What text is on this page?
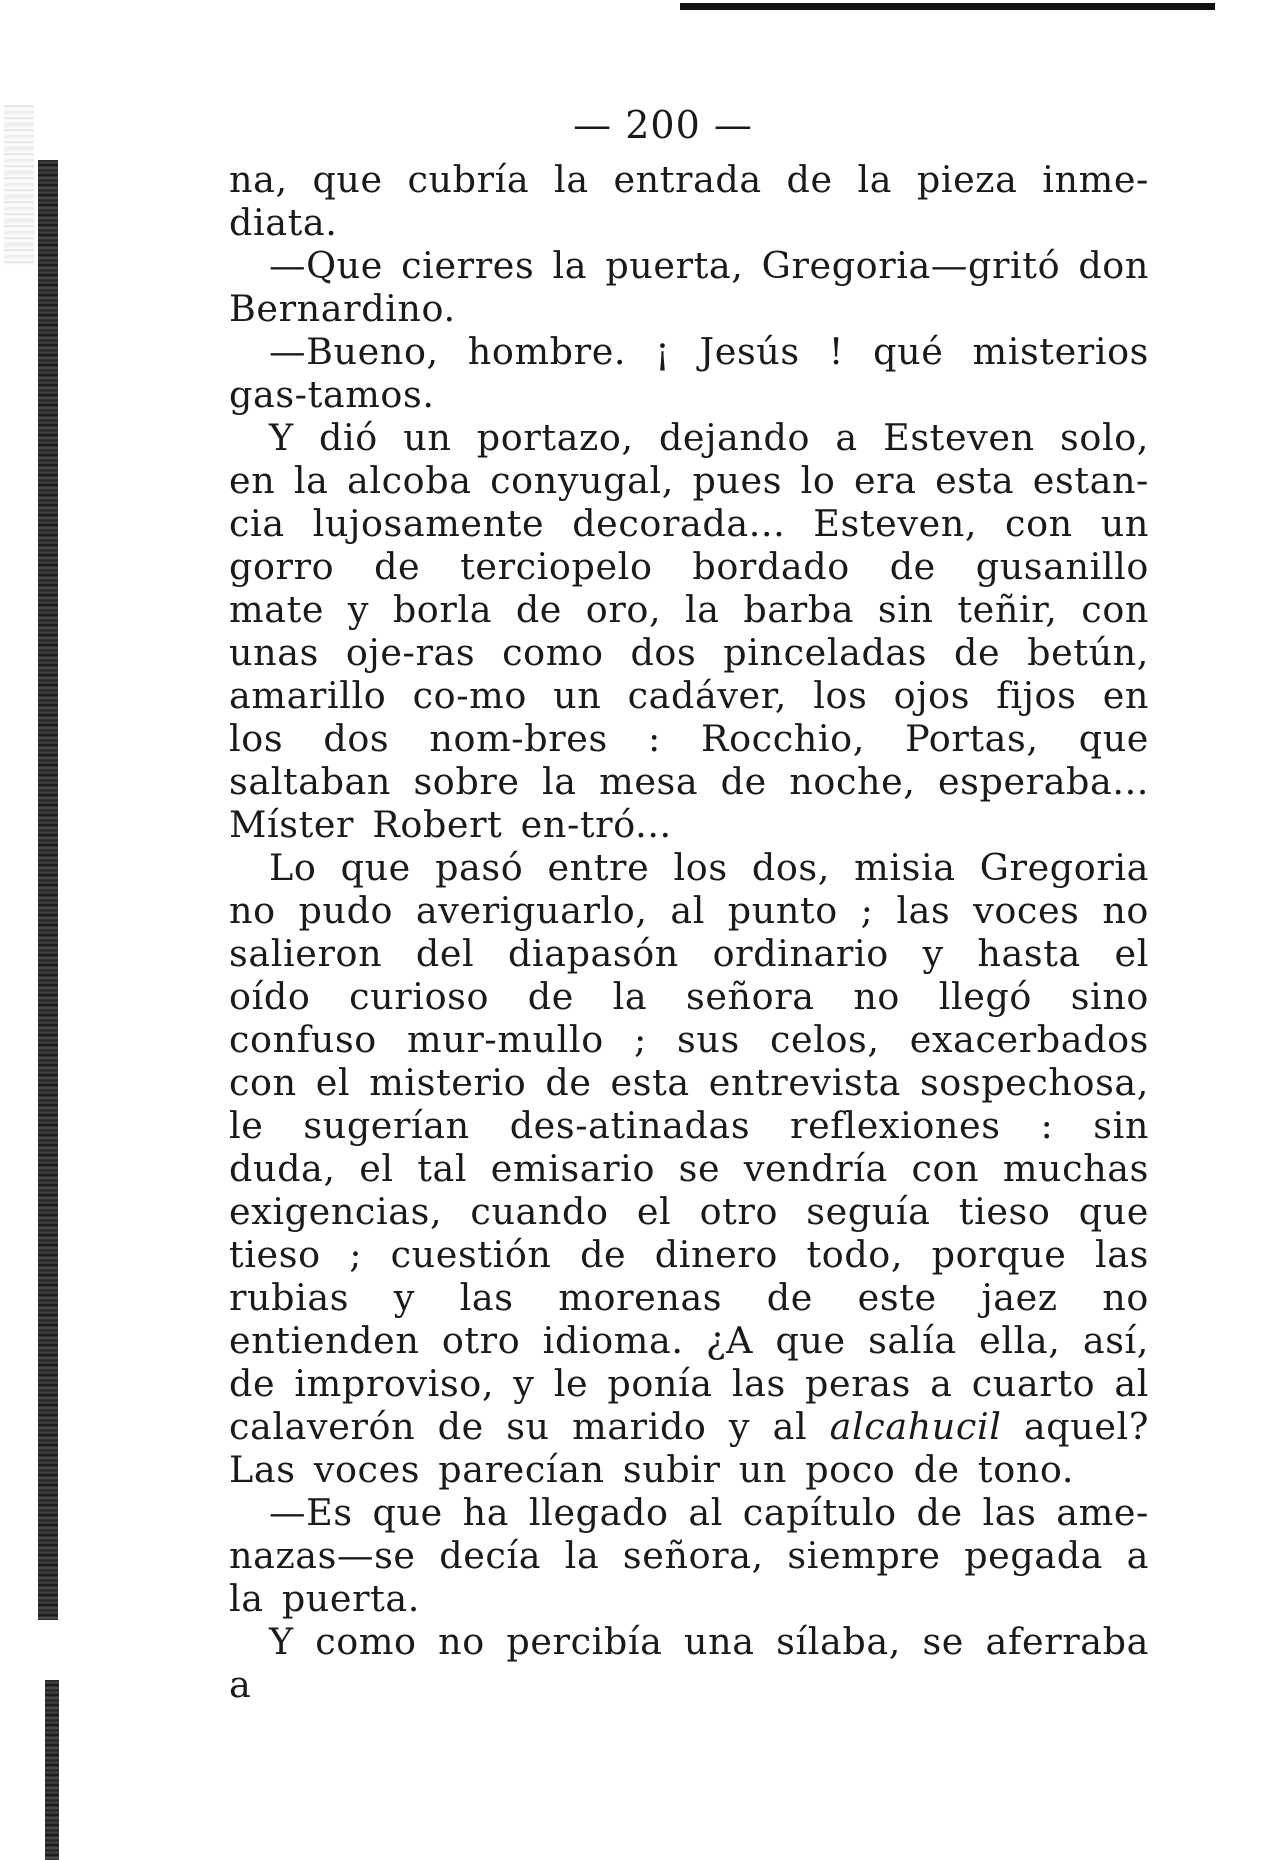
— 200 —

na, que cubría la entrada de la pieza inme-diata.

—Que cierres la puerta, Gregoria—gritó don Bernardino.

—Bueno, hombre. ¡ Jesús ! qué misterios gas-tamos.

Y dió un portazo, dejando a Esteven solo, en la alcoba conyugal, pues lo era esta estan-cia lujosamente decorada... Esteven, con un gorro de terciopelo bordado de gusanillo mate y borla de oro, la barba sin teñir, con unas oje-ras como dos pinceladas de betún, amarillo co-mo un cadáver, los ojos fijos en los dos nom-bres : Rocchio, Portas, que saltaban sobre la mesa de noche, esperaba... Míster Robert en-tró...

Lo que pasó entre los dos, misia Gregoria no pudo averiguarlo, al punto ; las voces no salieron del diapasón ordinario y hasta el oído curioso de la señora no llegó sino confuso mur-mullo ; sus celos, exacerbados con el misterio de esta entrevista sospechosa, le sugerían des-atinadas reflexiones : sin duda, el tal emisario se vendría con muchas exigencias, cuando el otro seguía tieso que tieso ; cuestión de dinero todo, porque las rubias y las morenas de este jaez no entienden otro idioma. ¿A que salía ella, así, de improviso, y le ponía las peras a cuarto al calaverón de su marido y al alcahucil aquel? Las voces parecían subir un poco de tono.

—Es que ha llegado al capítulo de las ame-nazas—se decía la señora, siempre pegada a la puerta.

Y como no percibía una sílaba, se aferraba a
